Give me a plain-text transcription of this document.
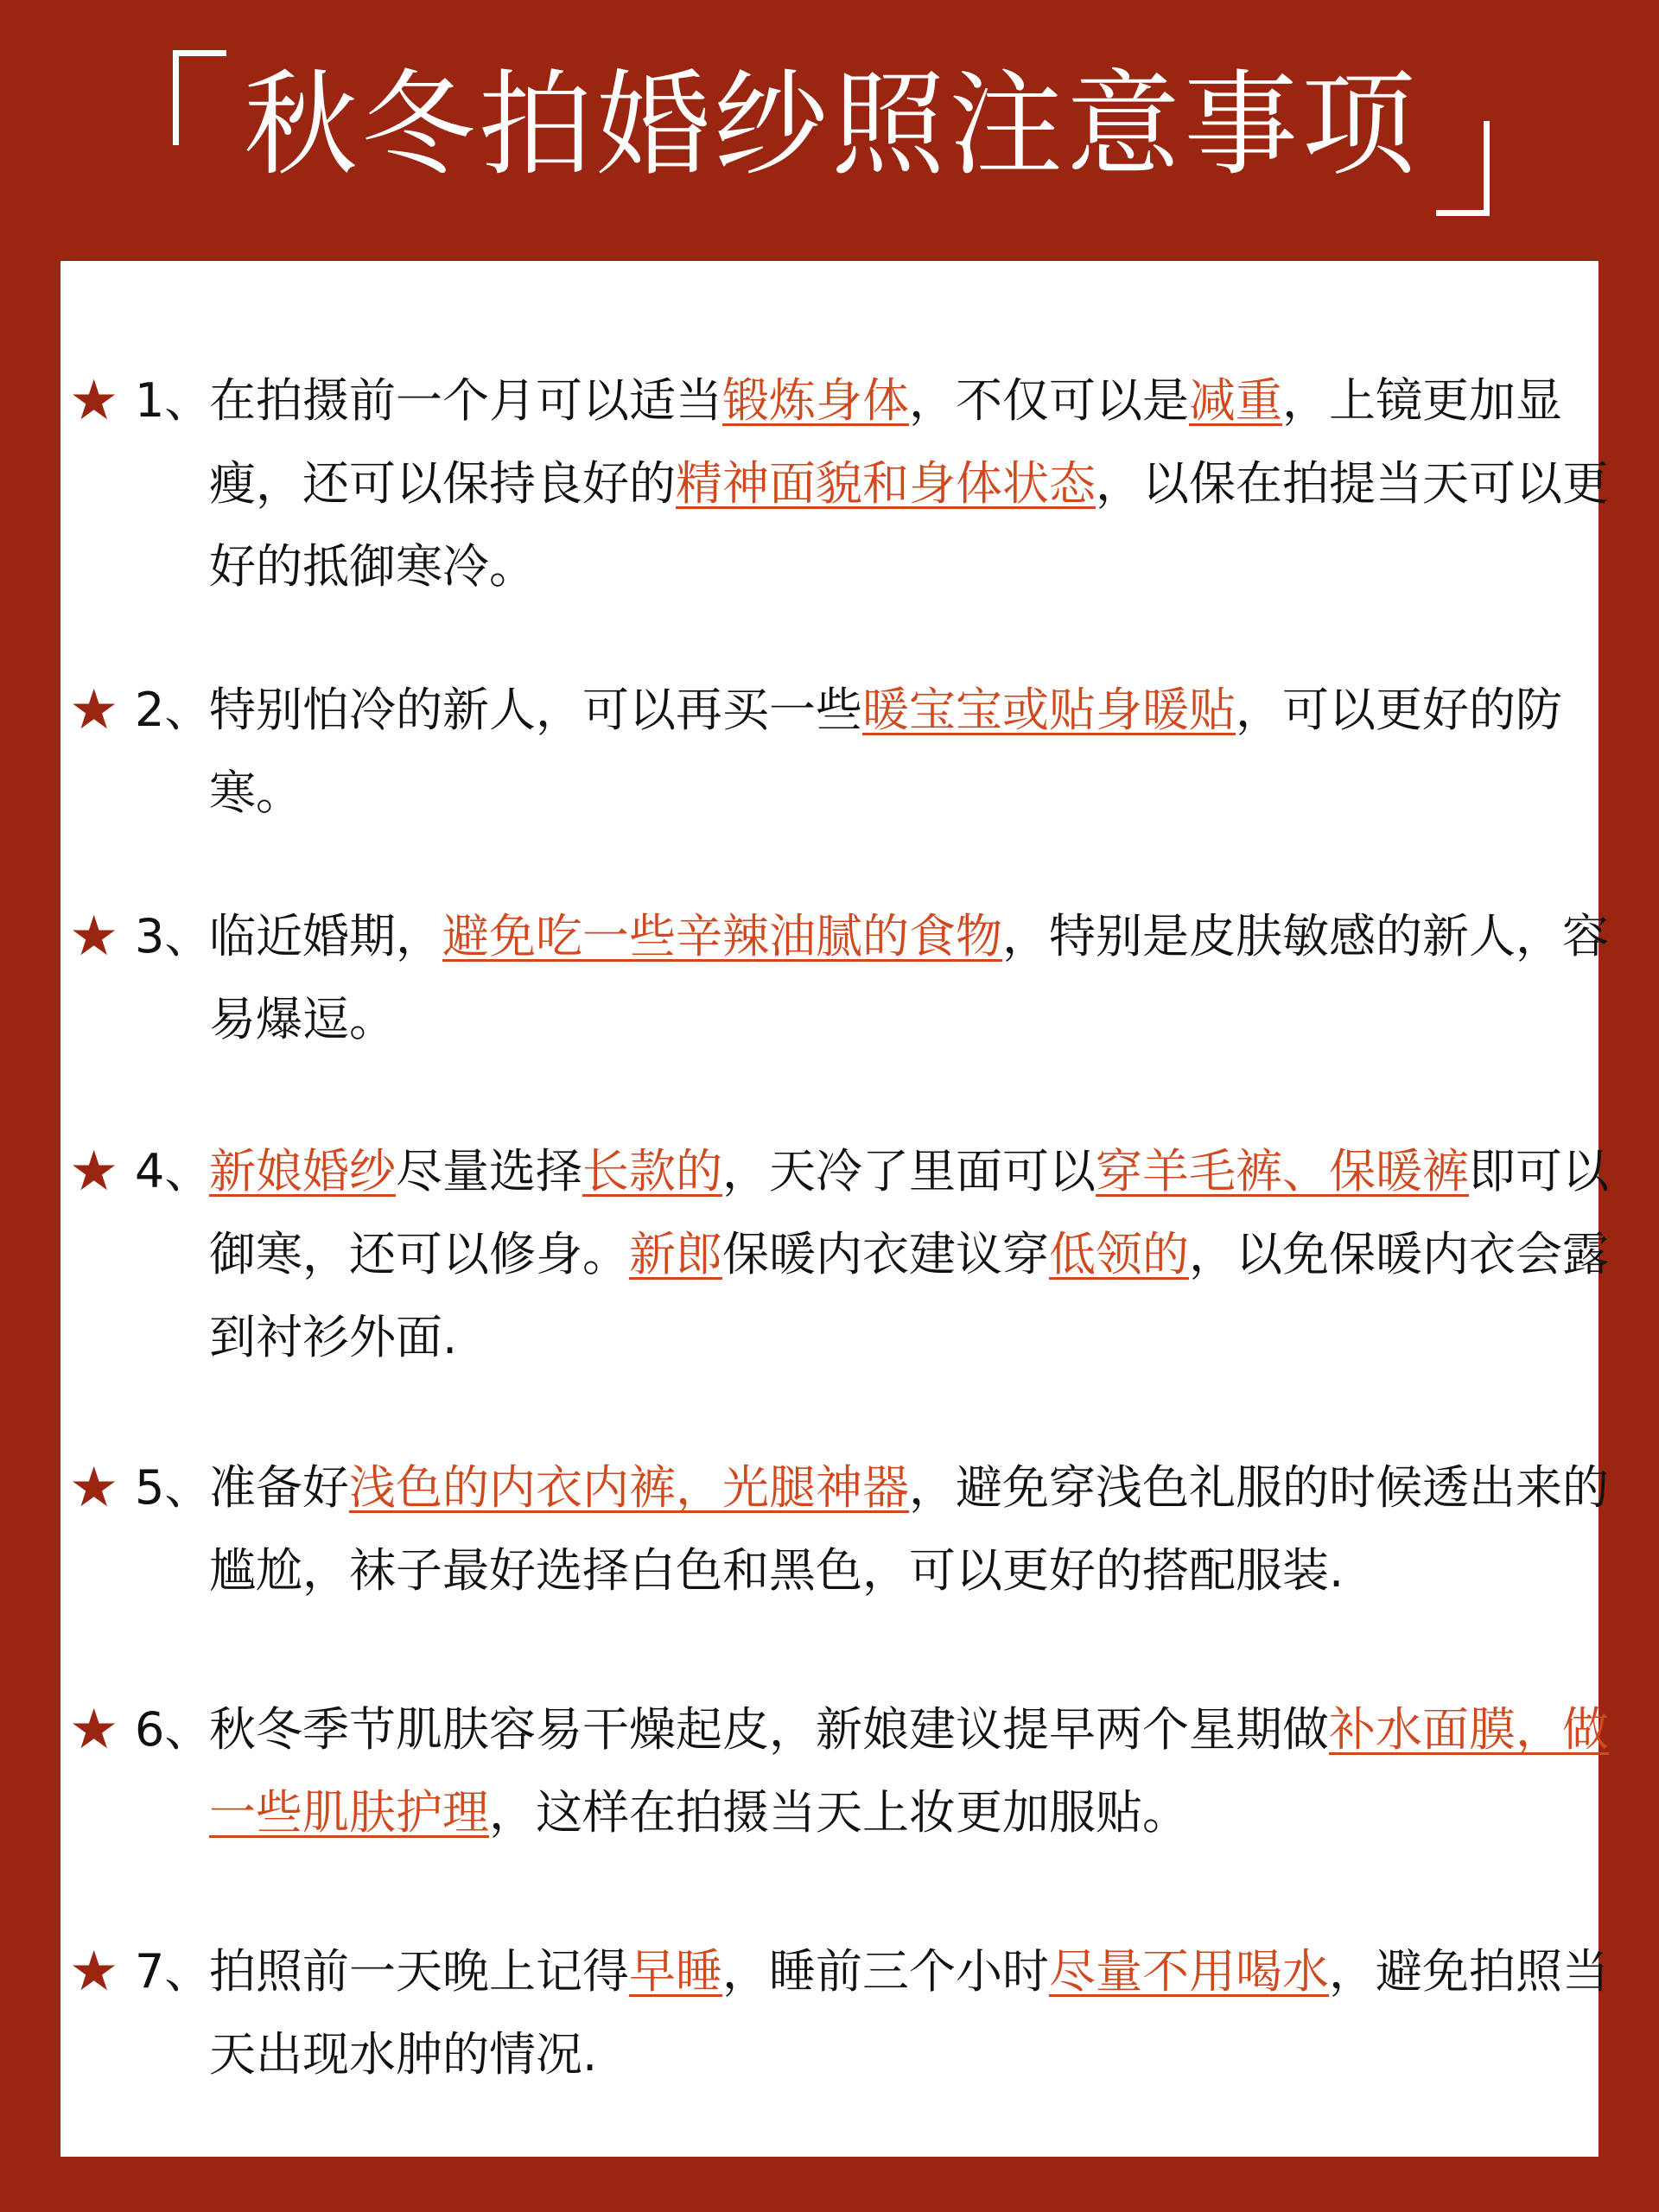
秋冬拍婚纱照注意事项
★ 1、
在拍摄前一个月可以适当锻炼身体，不仅可以是减重，上镜更加显瘦，还可以保持良好的精神面貌和身体状态，以保在拍提当天可以更好的抵御寒冷。
★ 2、
特别怕冷的新人，可以再买一些暖宝宝或贴身暖贴，可以更好的防寒。
★ 3、
临近婚期，避免吃一些辛辣油腻的食物，特别是皮肤敏感的新人，容易爆逗。
★ 4、
新娘婚纱尽量选择长款的，天冷了里面可以穿羊毛裤、保暖裤即可以御寒，还可以修身。新郎保暖内衣建议穿低领的，以免保暖内衣会露到衬衫外面.
★ 5、
准备好浅色的内衣内裤，光腿神器，避免穿浅色礼服的时候透出来的尴尬，袜子最好选择白色和黑色，可以更好的搭配服装.
★ 6、
秋冬季节肌肤容易干燥起皮，新娘建议提早两个星期做补水面膜，做一些肌肤护理，这样在拍摄当天上妆更加服贴。
★ 7、
拍照前一天晚上记得早睡，睡前三个小时尽量不用喝水，避免拍照当天出现水肿的情况.
